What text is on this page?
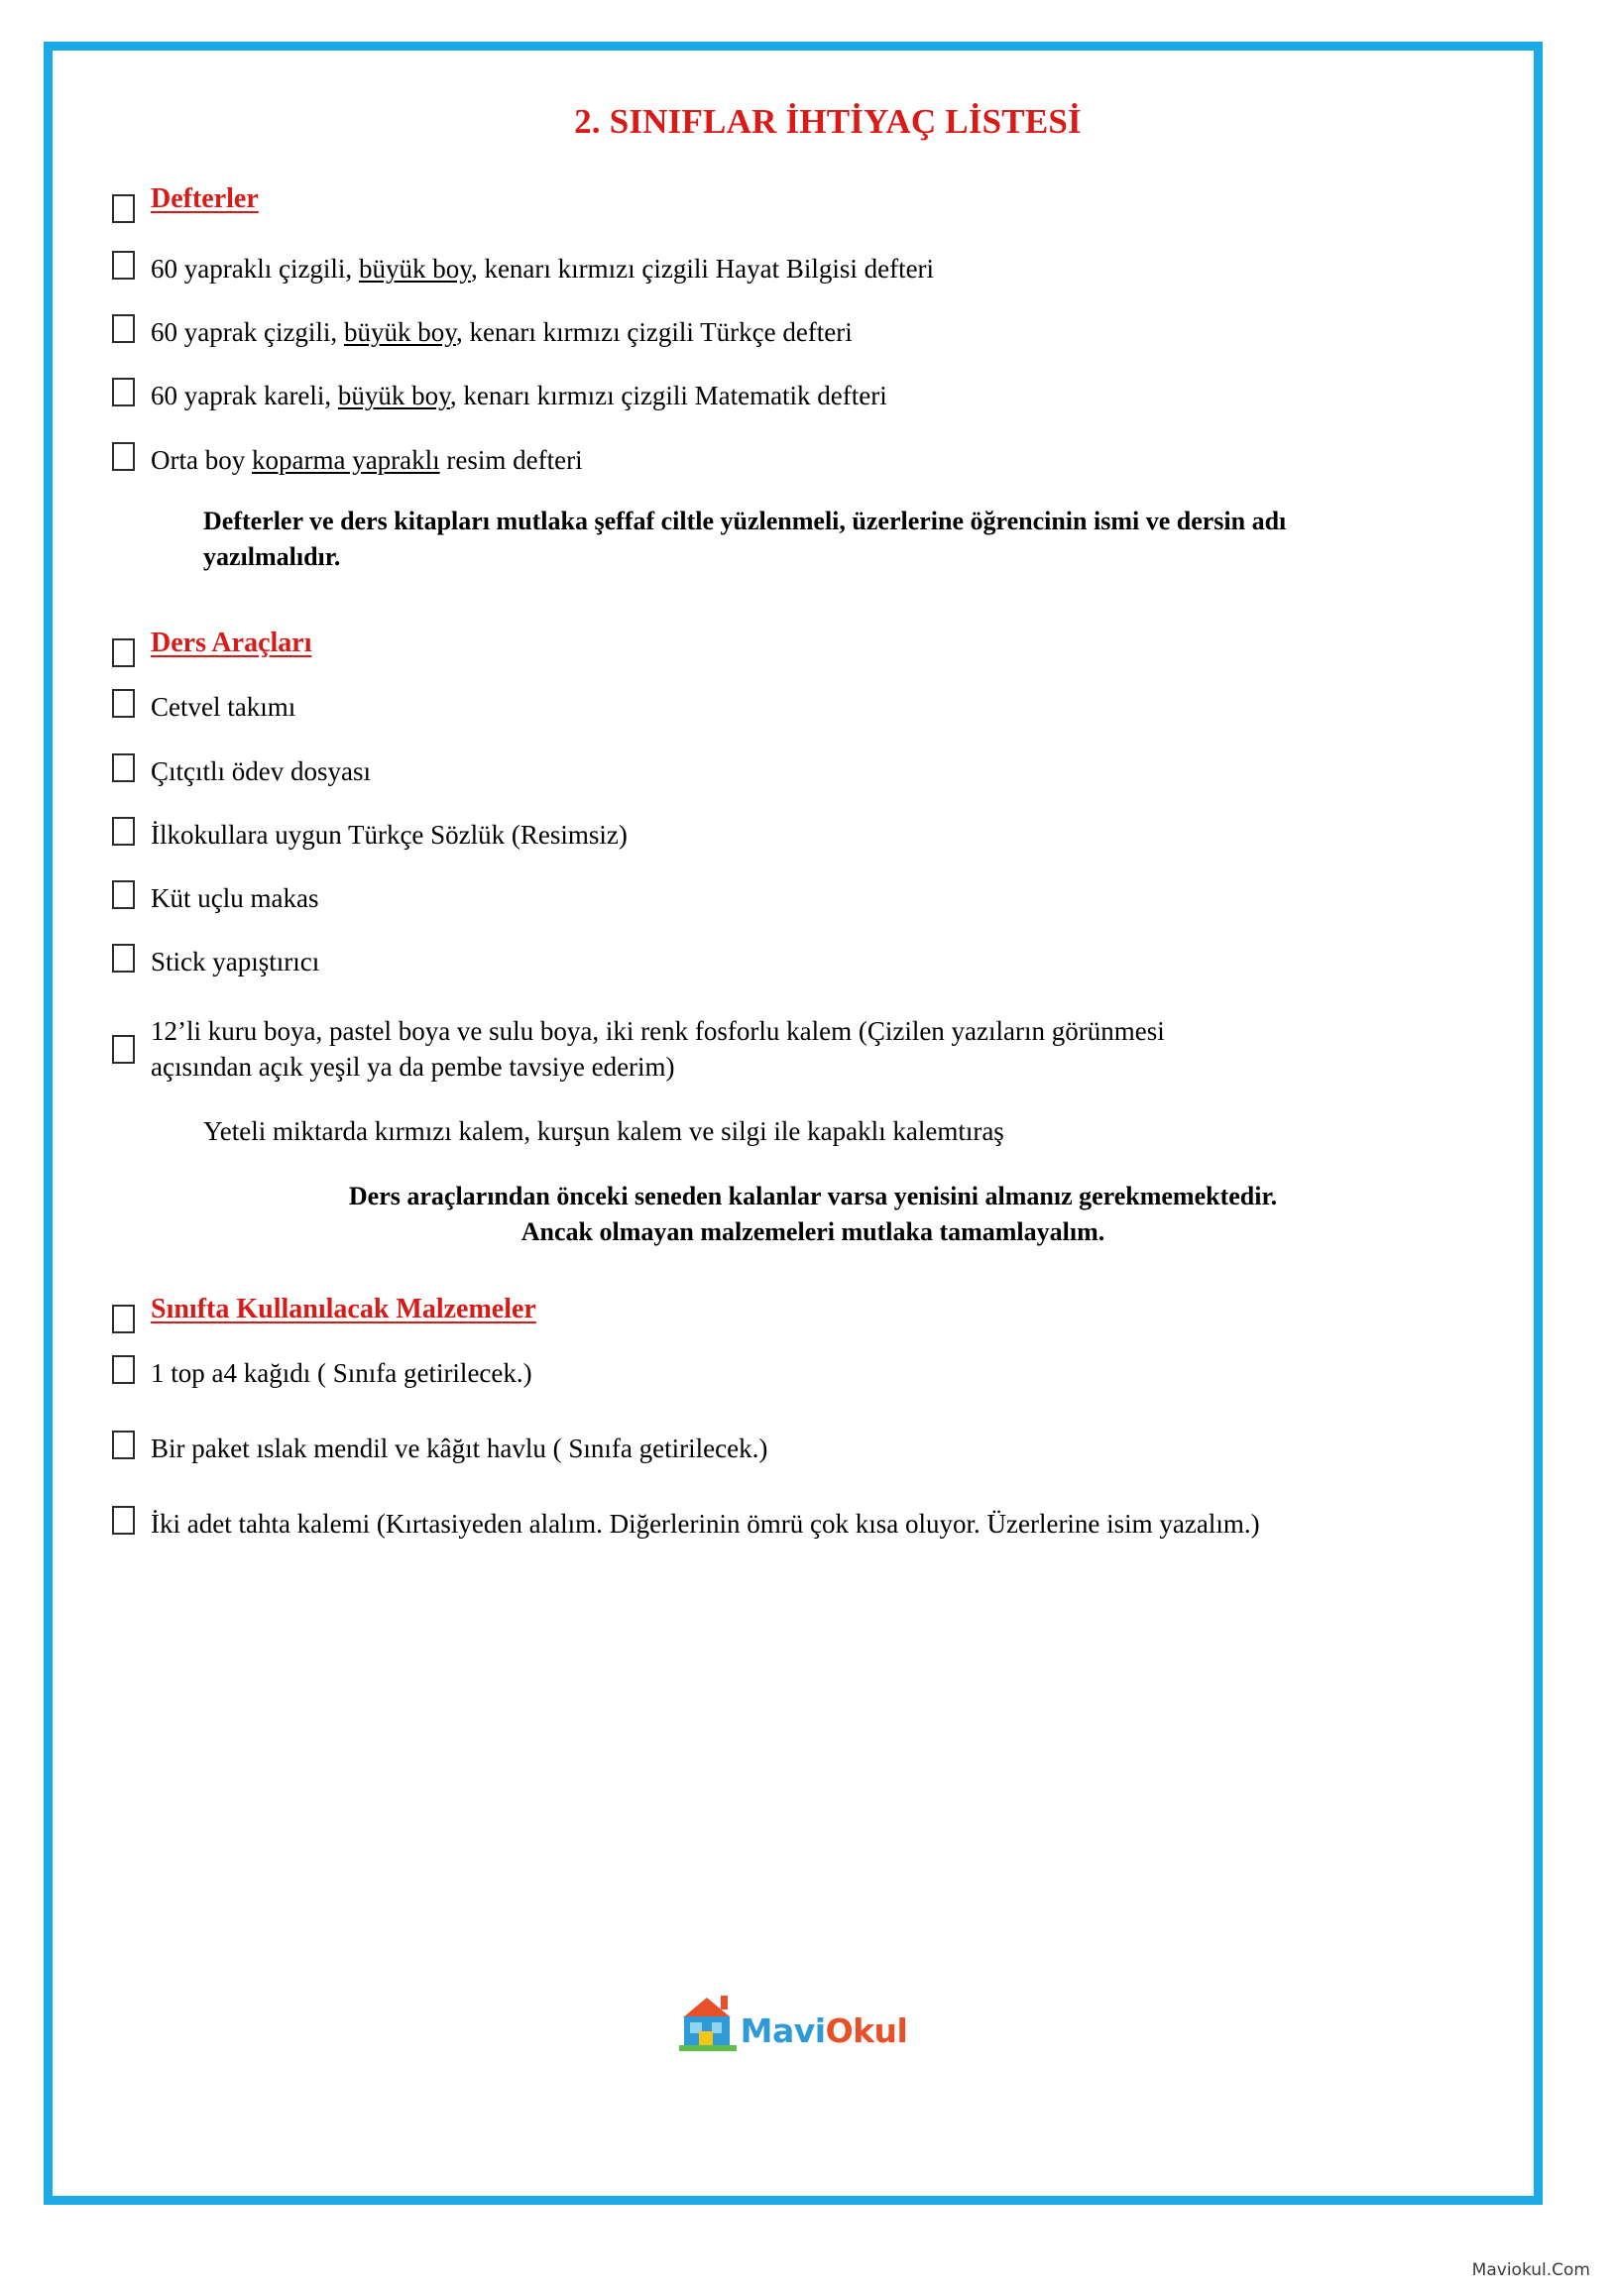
2. SINIFLAR İHTİYAÇ LİSTESİ
Defterler
60 yapraklı çizgili, büyük boy, kenarı kırmızı çizgili Hayat Bilgisi defteri
60 yaprak çizgili, büyük boy, kenarı kırmızı çizgili Türkçe defteri
60 yaprak kareli, büyük boy, kenarı kırmızı çizgili Matematik defteri
Orta boy koparma yapraklı resim defteri
Defterler ve ders kitapları mutlaka şeffaf ciltle yüzlenmeli, üzerlerine öğrencinin ismi ve dersin adı yazılmalıdır.
Ders Araçları
Cetvel takımı
Çıtçıtlı ödev dosyası
İlkokullara uygun Türkçe Sözlük (Resimsiz)
Küt uçlu makas
Stick yapıştırıcı
12’li kuru boya, pastel boya ve sulu boya, iki renk fosforlu kalem (Çizilen yazıların görünmesi açısından açık yeşil ya da pembe tavsiye ederim)
Yeteli miktarda kırmızı kalem, kurşun kalem ve silgi ile kapaklı kalemtıraş
Ders araçlarından önceki seneden kalanlar varsa yenisini almanız gerekmemektedir.
Ancak olmayan malzemeleri mutlaka tamamlayalım.
Sınıfta Kullanılacak Malzemeler
1 top a4 kağıdı ( Sınıfa getirilecek.)
Bir paket ıslak mendil ve kâğıt havlu ( Sınıfa getirilecek.)
İki adet tahta kalemi (Kırtasiyeden alalım. Diğerlerinin ömrü çok kısa oluyor. Üzerlerine isim yazalım.)
MaviOkul
Maviokul.Com
